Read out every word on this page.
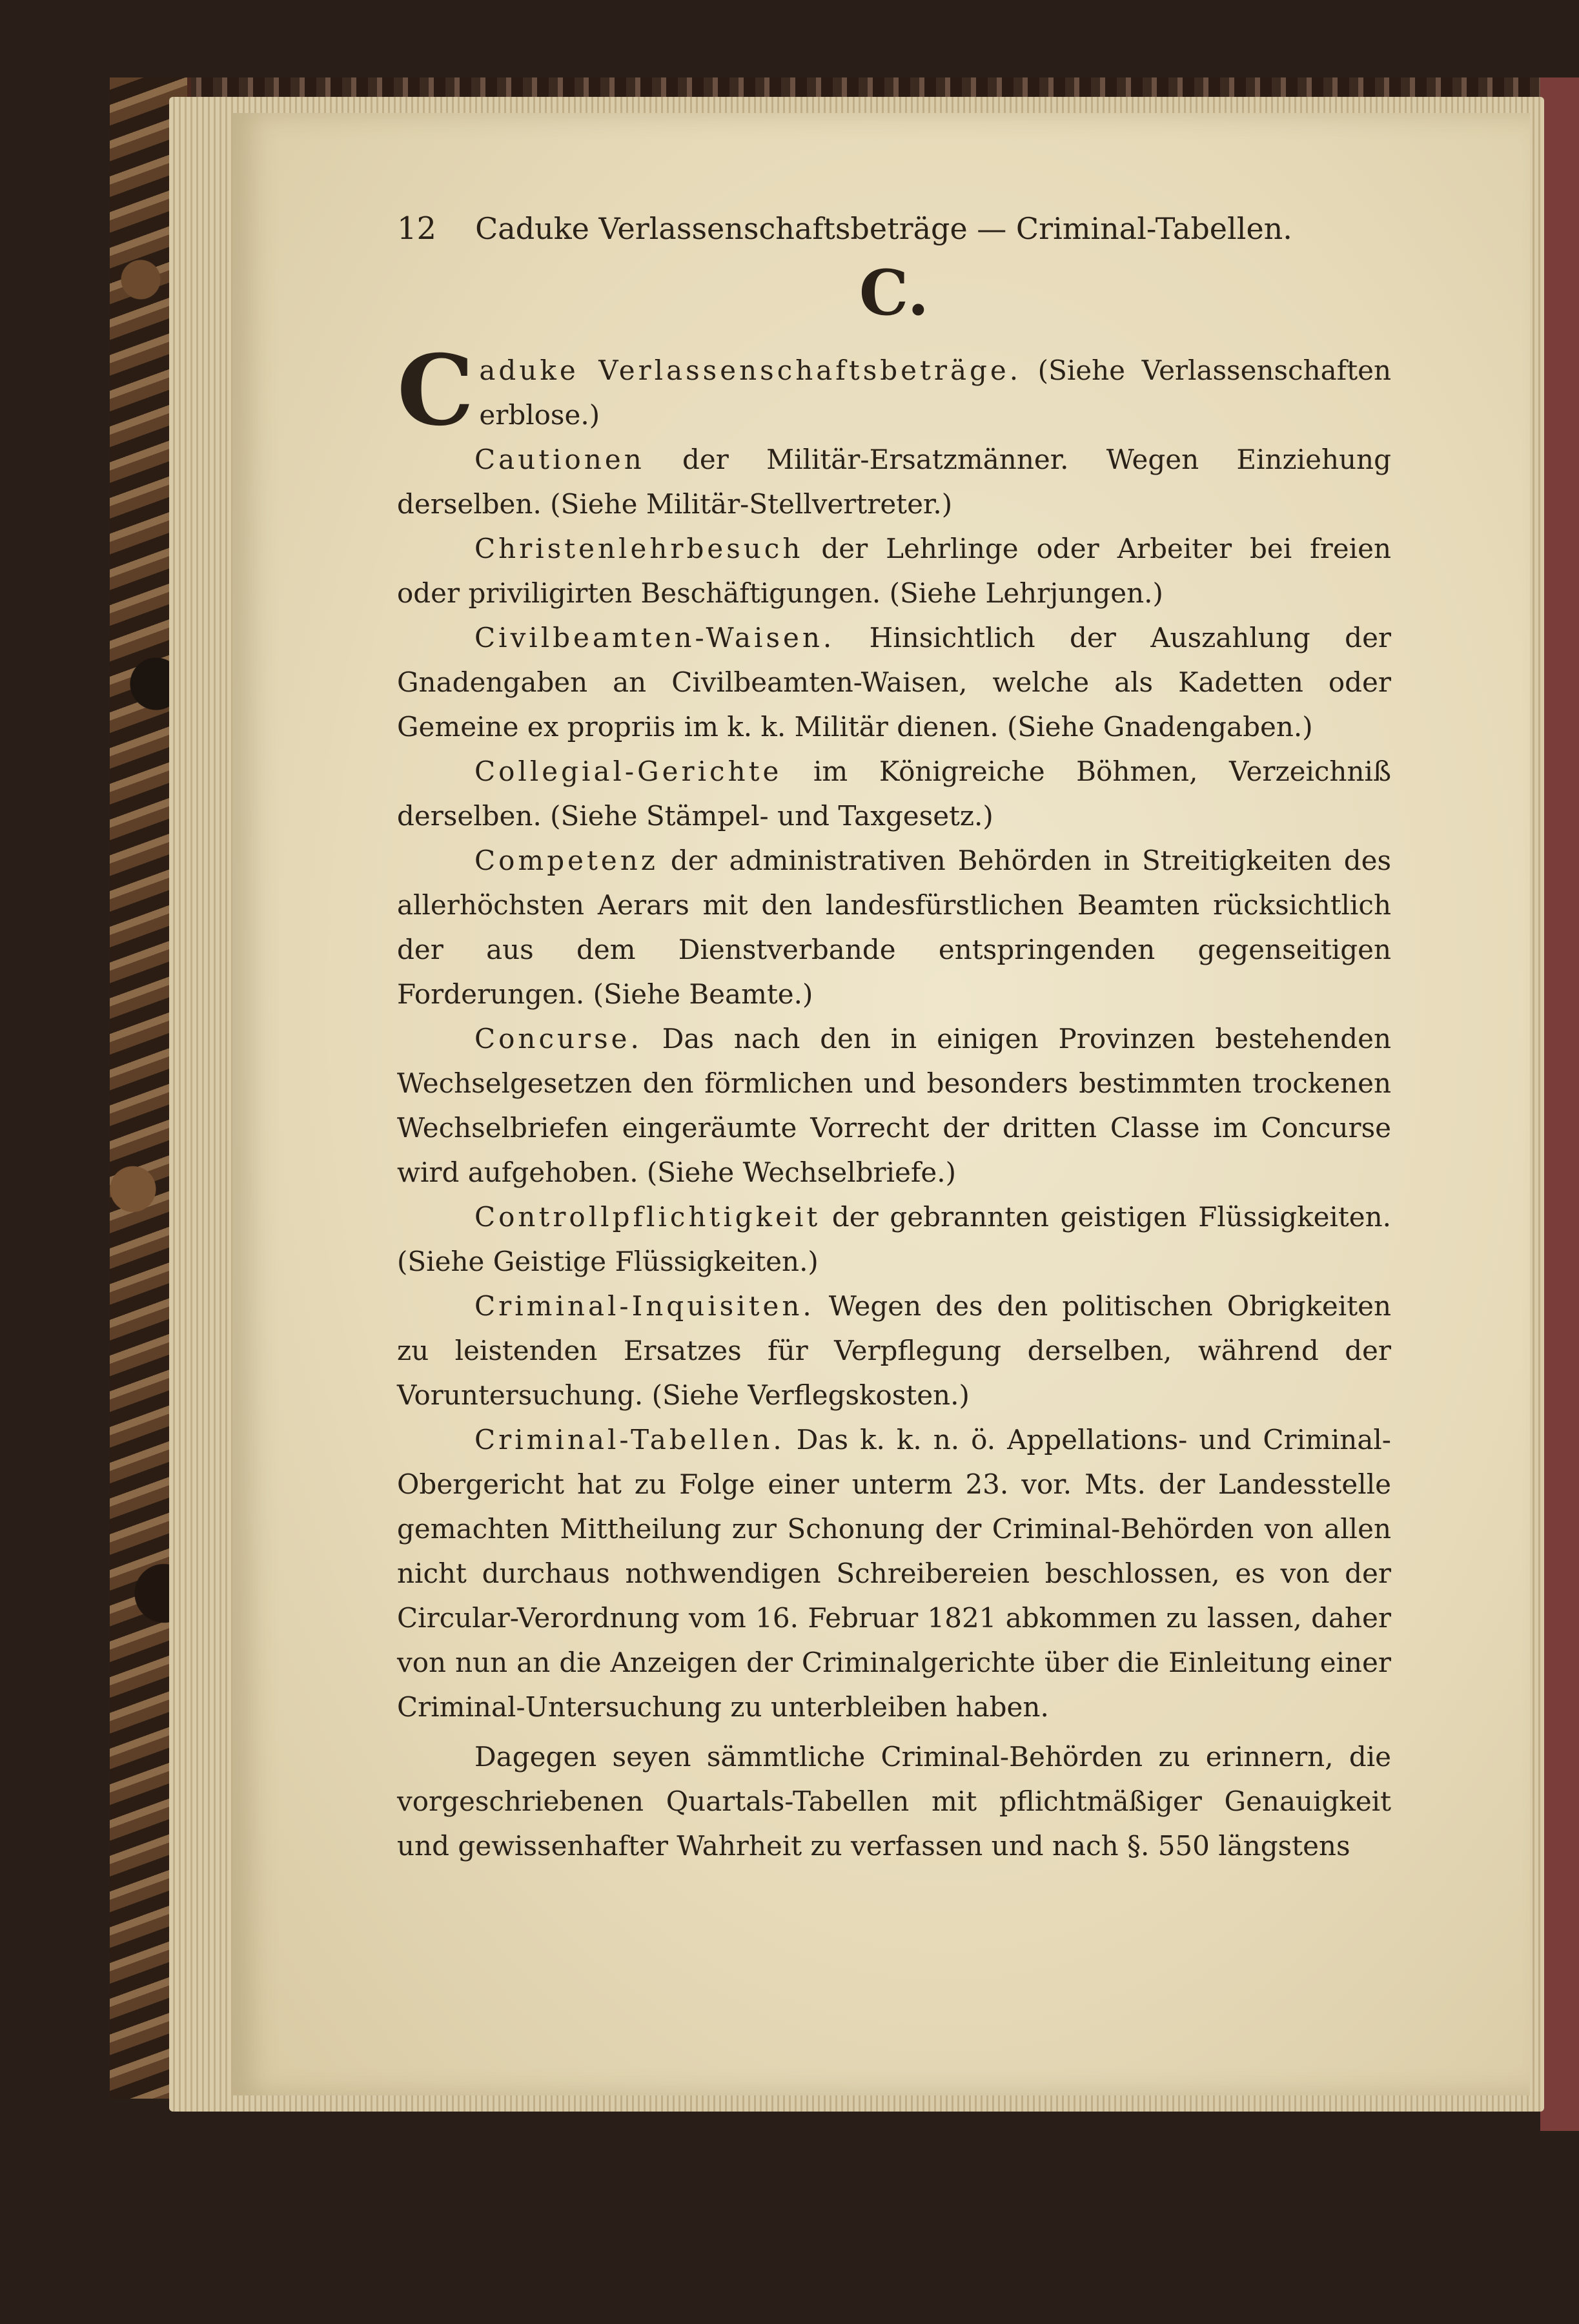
12 Caduke Verlassenschaftsbeträge — Criminal-Tabellen.
C.

Caduke Verlassenschaftsbeträge. (Siehe Verlassenschaften erblose.)

Cautionen der Militär-Ersatzmänner. Wegen Einziehung derselben. (Siehe Militär-Stellvertreter.)

Christenlehrbesuch der Lehrlinge oder Arbeiter bei freien oder priviligirten Beschäftigungen. (Siehe Lehrjungen.)

Civilbeamten-Waisen. Hinsichtlich der Auszahlung der Gnadengaben an Civilbeamten-Waisen, welche als Kadetten oder Gemeine ex propriis im k. k. Militär dienen. (Siehe Gnadengaben.)

Collegial-Gerichte im Königreiche Böhmen, Verzeichniß derselben. (Siehe Stämpel- und Taxgesetz.)

Competenz der administrativen Behörden in Streitigkeiten des allerhöchsten Aerars mit den landesfürstlichen Beamten rücksichtlich der aus dem Dienstverbande entspringenden gegenseitigen Forderungen. (Siehe Beamte.)

Concurse. Das nach den in einigen Provinzen bestehenden Wechselgesetzen den förmlichen und besonders bestimmten trockenen Wechselbriefen eingeräumte Vorrecht der dritten Classe im Concurse wird aufgehoben. (Siehe Wechselbriefe.)

Controllpflichtigkeit der gebrannten geistigen Flüssigkeiten. (Siehe Geistige Flüssigkeiten.)

Criminal-Inquisiten. Wegen des den politischen Obrigkeiten zu leistenden Ersatzes für Verpflegung derselben, während der Voruntersuchung. (Siehe Verflegskosten.)

Criminal-Tabellen. Das k. k. n. ö. Appellations- und Criminal-Obergericht hat zu Folge einer unterm 23. vor. Mts. der Landesstelle gemachten Mittheilung zur Schonung der Criminal-Behörden von allen nicht durchaus nothwendigen Schreibereien beschlossen, es von der Circular-Verordnung vom 16. Februar 1821 abkommen zu lassen, daher von nun an die Anzeigen der Criminalgerichte über die Einleitung einer Criminal-Untersuchung zu unterbleiben haben.

Dagegen seyen sämmtliche Criminal-Behörden zu erinnern, die vorgeschriebenen Quartals-Tabellen mit pflichtmäßiger Genauigkeit und gewissenhafter Wahrheit zu verfassen und nach §. 550 längstens
